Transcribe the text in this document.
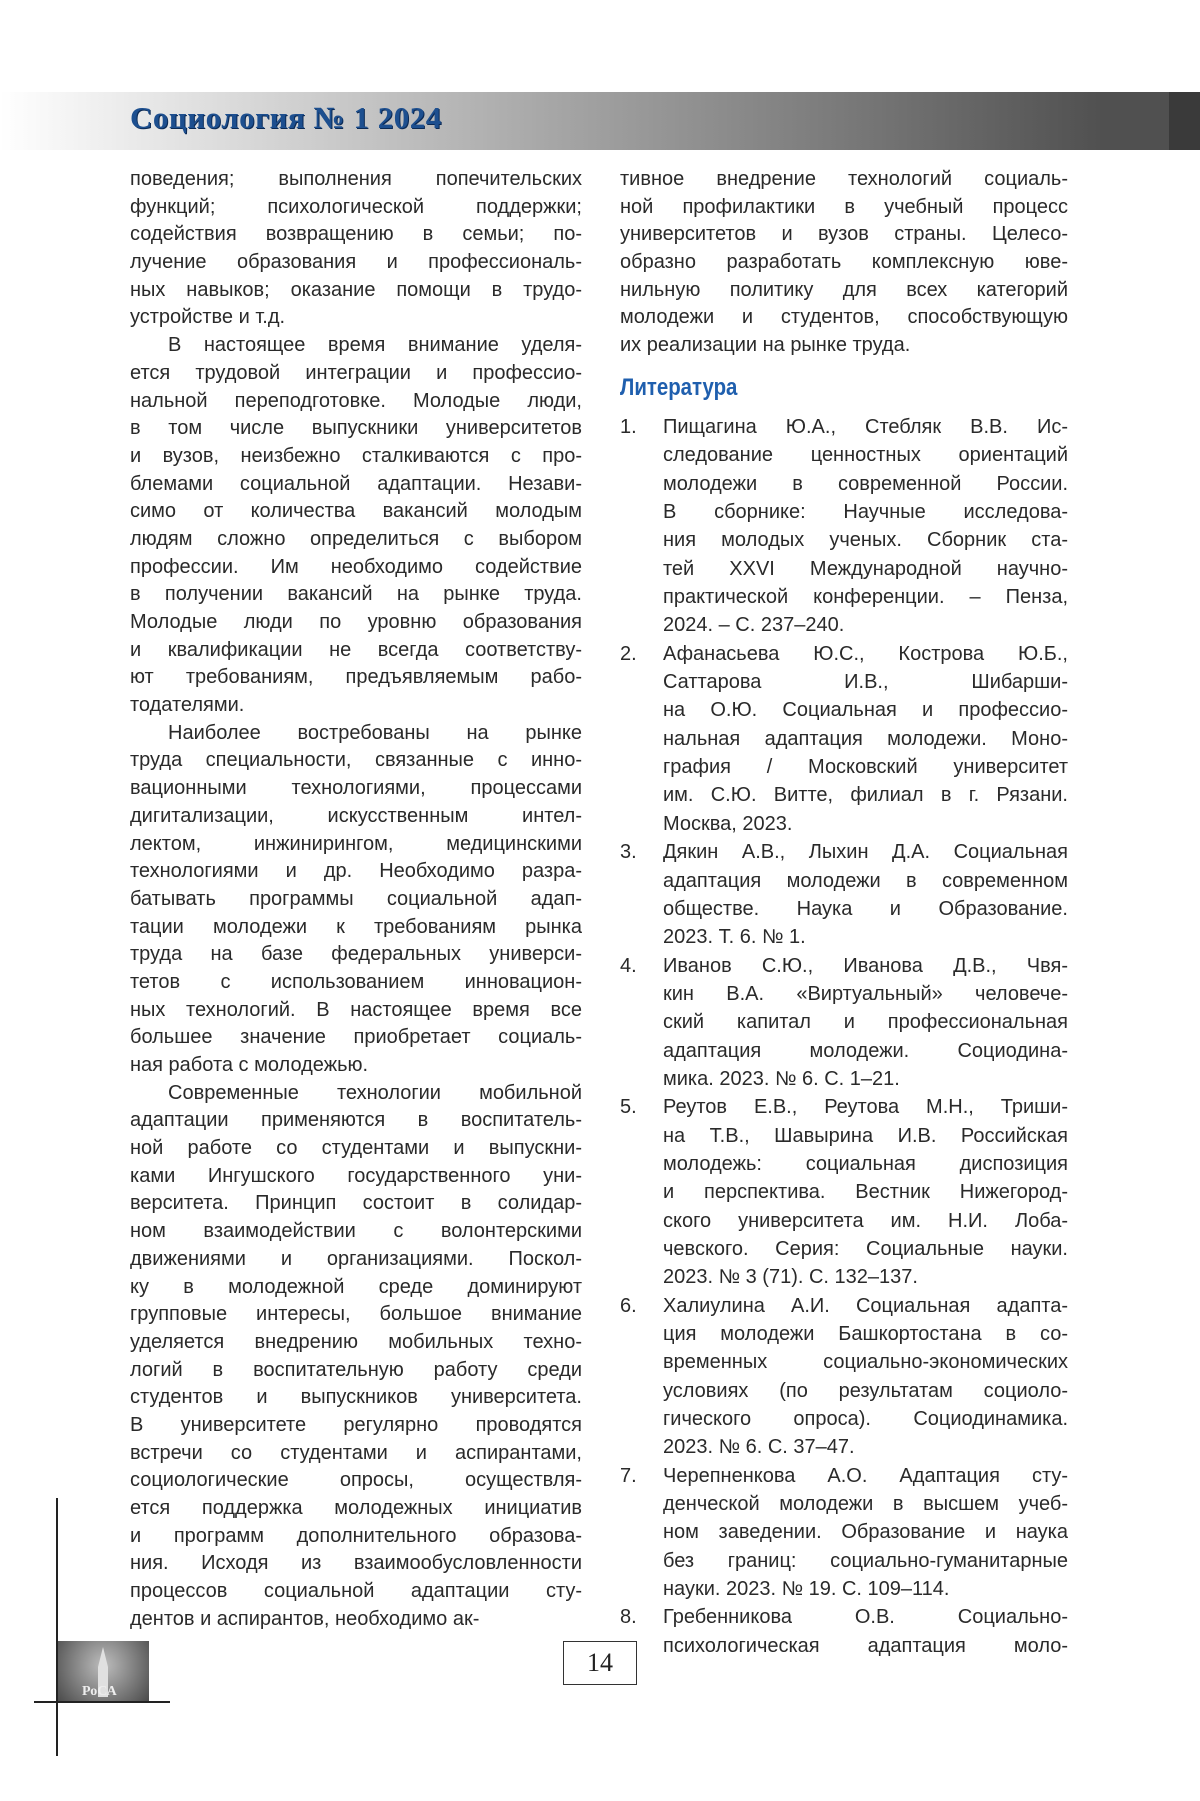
Социология № 1 2024
поведения; выполнения попечительских
функций; психологической поддержки;
содействия возвращению в семьи; по-
лучение образования и профессиональ-
ных навыков; оказание помощи в трудо-
устройстве и т.д.
В настоящее время внимание уделя-
ется трудовой интеграции и профессио-
нальной переподготовке. Молодые люди,
в том числе выпускники университетов
и вузов, неизбежно сталкиваются с про-
блемами социальной адаптации. Незави-
симо от количества вакансий молодым
людям сложно определиться с выбором
профессии. Им необходимо содействие
в получении вакансий на рынке труда.
Молодые люди по уровню образования
и квалификации не всегда соответству-
ют требованиям, предъявляемым рабо-
тодателями.
Наиболее востребованы на рынке
труда специальности, связанные с инно-
вационными технологиями, процессами
дигитализации, искусственным интел-
лектом, инжинирингом, медицинскими
технологиями и др. Необходимо разра-
батывать программы социальной адап-
тации молодежи к требованиям рынка
труда на базе федеральных универси-
тетов с использованием инновацион-
ных технологий. В настоящее время все
большее значение приобретает социаль-
ная работа с молодежью.
Современные технологии мобильной
адаптации применяются в воспитатель-
ной работе со студентами и выпускни-
ками Ингушского государственного уни-
верситета. Принцип состоит в солидар-
ном взаимодействии с волонтерскими
движениями и организациями. Поскол-
ку в молодежной среде доминируют
групповые интересы, большое внимание
уделяется внедрению мобильных техно-
логий в воспитательную работу среди
студентов и выпускников университета.
В университете регулярно проводятся
встречи со студентами и аспирантами,
социологические опросы, осуществля-
ется поддержка молодежных инициатив
и программ дополнительного образова-
ния. Исходя из взаимообусловленности
процессов социальной адаптации сту-
дентов и аспирантов, необходимо ак-
тивное внедрение технологий социаль-
ной профилактики в учебный процесс
университетов и вузов страны. Целесо-
образно разработать комплексную юве-
нильную политику для всех категорий
молодежи и студентов, способствующую
их реализации на рынке труда.
Литература
1. Пищагина Ю.А., Стебляк В.В. Ис-
следование ценностных ориентаций
молодежи в современной России.
В сборнике: Научные исследова-
ния молодых ученых. Сборник ста-
тей XXVI Международной научно-
практической конференции. – Пенза,
2024. – С. 237–240.
2. Афанасьева Ю.С., Кострова Ю.Б.,
Саттарова И.В., Шибарши-
на О.Ю. Социальная и профессио-
нальная адаптация молодежи. Моно-
графия / Московский университет
им. С.Ю. Витте, филиал в г. Рязани.
Москва, 2023.
3. Дякин А.В., Лыхин Д.А. Социальная
адаптация молодежи в современном
обществе. Наука и Образование.
2023. Т. 6. № 1.
4. Иванов С.Ю., Иванова Д.В., Чвя-
кин В.А. «Виртуальный» человече-
ский капитал и профессиональная
адаптация молодежи. Социодина-
мика. 2023. № 6. С. 1–21.
5. Реутов Е.В., Реутова М.Н., Триши-
на Т.В., Шавырина И.В. Российская
молодежь: социальная диспозиция
и перспектива. Вестник Нижегород-
ского университета им. Н.И. Лоба-
чевского. Серия: Социальные науки.
2023. № 3 (71). С. 132–137.
6. Халиулина А.И. Социальная адапта-
ция молодежи Башкортостана в со-
временных социально-экономических
условиях (по результатам социоло-
гического опроса). Социодинамика.
2023. № 6. С. 37–47.
7. Черепненкова А.О. Адаптация сту-
денческой молодежи в высшем учеб-
ном заведении. Образование и наука
без границ: социально-гуманитарные
науки. 2023. № 19. С. 109–114.
8. Гребенникова О.В. Социально-
психологическая адаптация моло-
РоСА
14
